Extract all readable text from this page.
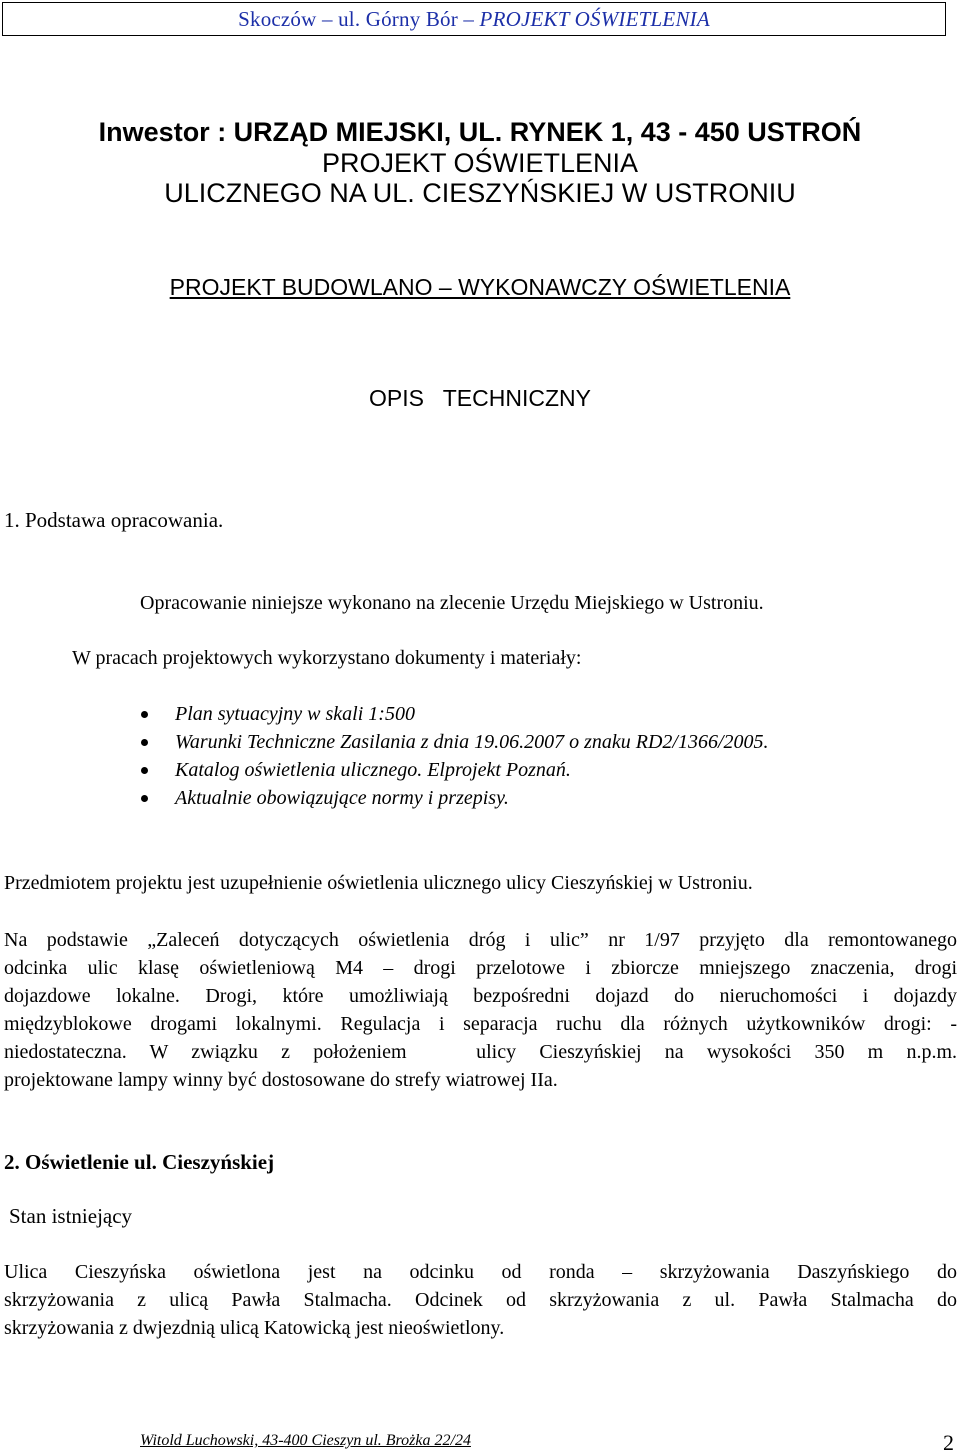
Skoczów – ul. Górny Bór – PROJEKT OŚWIETLENIA
Inwestor : URZĄD MIEJSKI, UL. RYNEK 1, 43 - 450 USTROŃ
PROJEKT OŚWIETLENIA
ULICZNEGO NA UL. CIESZYŃSKIEJ W USTRONIU
PROJEKT BUDOWLANO – WYKONAWCZY OŚWIETLENIA
OPIS   TECHNICZNY
1. Podstawa opracowania.
Opracowanie niniejsze wykonano na zlecenie Urzędu Miejskiego w Ustroniu.
W pracach projektowych wykorzystano dokumenty i materiały:
Plan sytuacyjny w skali 1:500
Warunki Techniczne Zasilania z dnia 19.06.2007 o znaku RD2/1366/2005.
Katalog oświetlenia ulicznego. Elprojekt Poznań.
Aktualnie obowiązujące normy i przepisy.
Przedmiotem projektu jest uzupełnienie oświetlenia ulicznego ulicy Cieszyńskiej w Ustroniu.
Na podstawie „Zaleceń dotyczących oświetlenia dróg i ulic” nr 1/97 przyjęto dla remontowanego
odcinka ulic klasę oświetleniową M4 – drogi przelotowe i zbiorcze mniejszego znaczenia, drogi
dojazdowe lokalne. Drogi, które umożliwiają bezpośredni dojazd do nieruchomości i dojazdy
międzyblokowe drogami lokalnymi. Regulacja i separacja ruchu dla różnych użytkowników drogi: -
niedostateczna. W związku z położeniem   ulicy Cieszyńskiej na wysokości 350 m n.p.m.
projektowane lampy winny być dostosowane do strefy wiatrowej IIa.
2. Oświetlenie ul. Cieszyńskiej
Stan istniejący
Ulica Cieszyńska oświetlona jest na odcinku od ronda – skrzyżowania Daszyńskiego do
skrzyżowania z ulicą Pawła Stalmacha. Odcinek od skrzyżowania z ul. Pawła Stalmacha do
skrzyżowania z dwjezdnią ulicą Katowicką jest nieoświetlony.
Witold Luchowski, 43-400 Cieszyn ul. Brożka 22/24	2
